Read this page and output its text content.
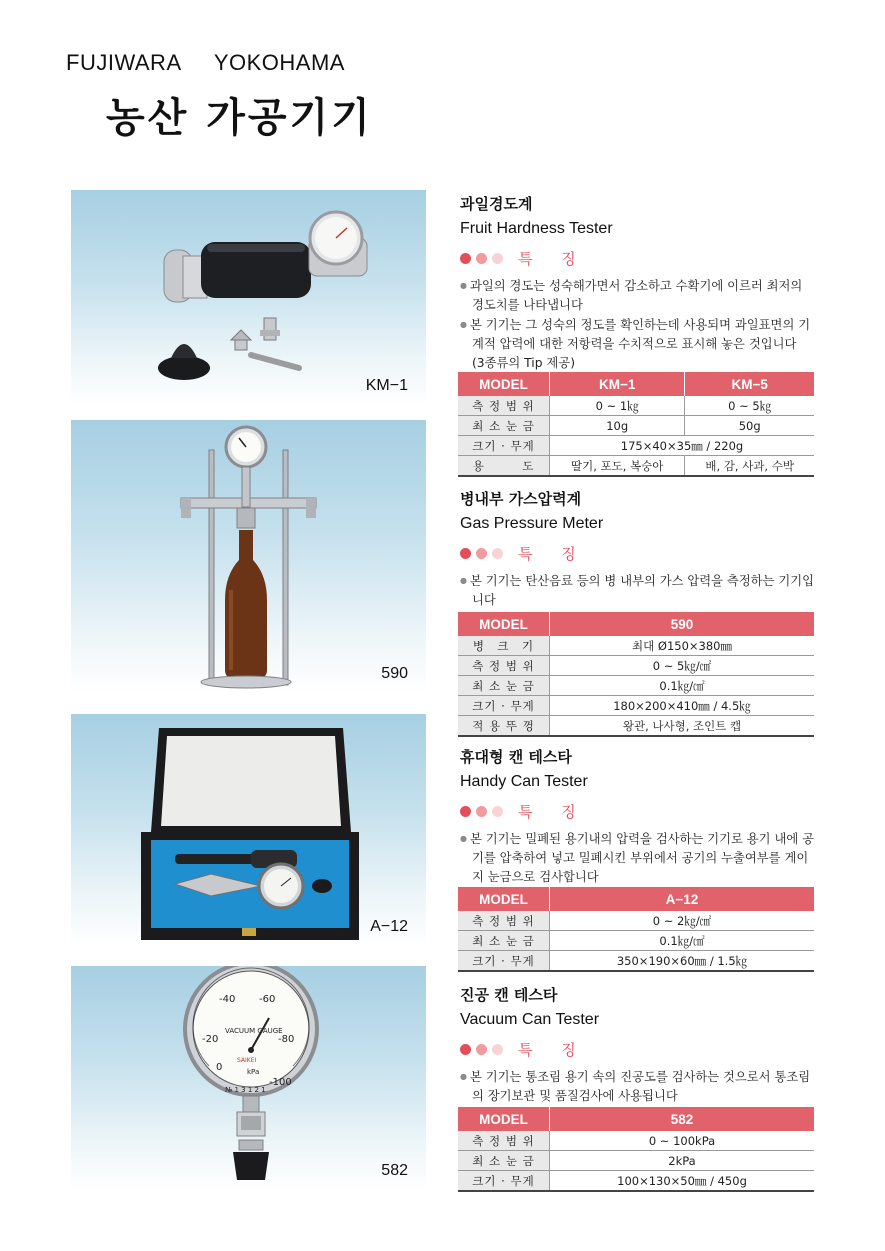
FUJIWARA YOKOHAMA
농산 가공기기
KM−1
과일경도계
Fruit Hardness Tester
특 징

● 과일의 경도는 성숙해가면서 감소하고 수확기에 이르러 최저의 경도치를 나타냅니다

● 본 기기는 그 성숙의 정도를 확인하는데 사용되며 과일표면의 기계적 압력에 대한 저항력을 수치적으로 표시해 놓은 것입니다

(3종류의 Tip 제공)

MODEL	KM−1	KM−5
측 정 범 위	0 ~ 1㎏	0 ~ 5㎏
최 소 눈 금	10g	50g
크기 · 무게	175×40×35㎜ / 220g	
용　　　도	딸기, 포도, 복숭아	배, 감, 사과, 수박
590
병내부 가스압력계
Gas Pressure Meter
특 징

● 본 기기는 탄산음료 등의 병 내부의 가스 압력을 측정하는 기기입니다

MODEL	590
병　크　기	최대 Ø150×380㎜
측 정 범 위	0 ~ 5㎏/㎠
최 소 눈 금	0.1㎏/㎠
크기 · 무게	180×200×410㎜ / 4.5㎏
적 용 뚜 껑	왕관, 나사형, 조인트 캡
A−12
휴대형 캔 테스타
Handy Can Tester
특 징

● 본 기기는 밀폐된 용기내의 압력을 검사하는 기기로 용기 내에 공기를 압축하여 넣고 밀폐시킨 부위에서 공기의 누출여부를 게이지 눈금으로 검사합니다

MODEL	A−12
측 정 범 위	0 ~ 2㎏/㎠
최 소 눈 금	0.1㎏/㎠
크기 · 무게	350×190×60㎜ / 1.5㎏
-40 -60
-20	-80
0
-100
VACUUM GAUGE
kPa
SAIKEI
№ 1 3 1 2 1
582
진공 캔 테스타
Vacuum Can Tester
특 징

● 본 기기는 통조림 용기 속의 진공도를 검사하는 것으로서 통조림의 장기보관 및 품질검사에 사용됩니다

MODEL	582
측 정 범 위	0 ~ 100kPa
최 소 눈 금	2kPa
크기 · 무게	100×130×50㎜ / 450g
